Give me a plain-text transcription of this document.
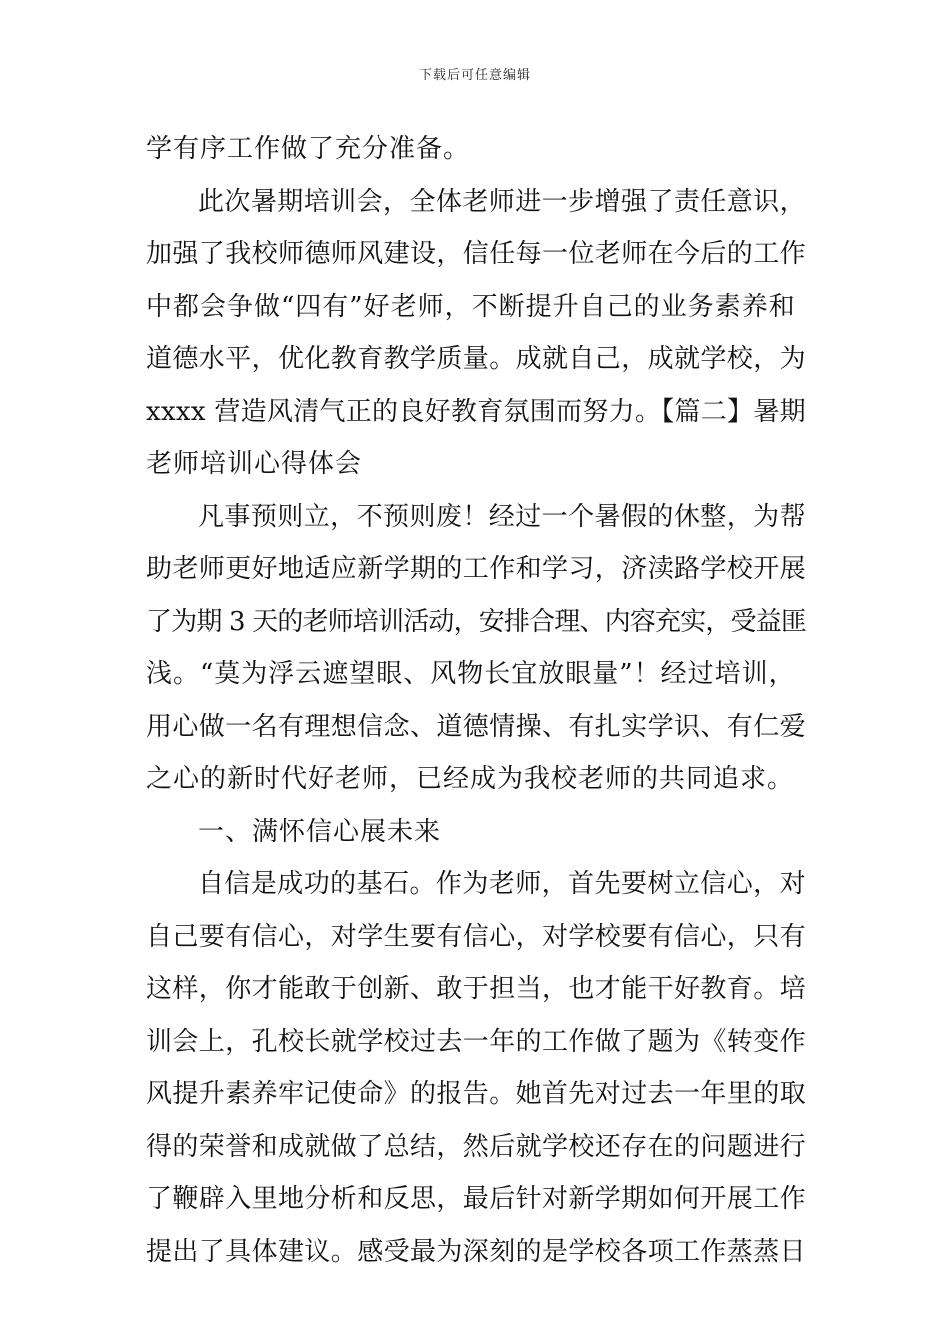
下载后可任意编辑
学有序工作做了充分准备。
此次暑期培训会，全体老师进一步增强了责任意识，
加强了我校师德师风建设，信任每一位老师在今后的工作
中都会争做“四有”好老师，不断提升自己的业务素养和
道德水平，优化教育教学质量。成就自己，成就学校，为
xxxx 营造风清气正的良好教育氛围而努力。【篇二】暑期
老师培训心得体会
凡事预则立，不预则废！经过一个暑假的休整，为帮
助老师更好地适应新学期的工作和学习，济渎路学校开展
了为期 3 天的老师培训活动，安排合理、内容充实，受益匪
浅。“莫为浮云遮望眼、风物长宜放眼量”！经过培训，
用心做一名有理想信念、道德情操、有扎实学识、有仁爱
之心的新时代好老师，已经成为我校老师的共同追求。
一、满怀信心展未来
自信是成功的基石。作为老师，首先要树立信心，对
自己要有信心，对学生要有信心，对学校要有信心，只有
这样，你才能敢于创新、敢于担当，也才能干好教育。培
训会上，孔校长就学校过去一年的工作做了题为《转变作
风提升素养牢记使命》的报告。她首先对过去一年里的取
得的荣誉和成就做了总结，然后就学校还存在的问题进行
了鞭辟入里地分析和反思，最后针对新学期如何开展工作
提出了具体建议。感受最为深刻的是学校各项工作蒸蒸日
